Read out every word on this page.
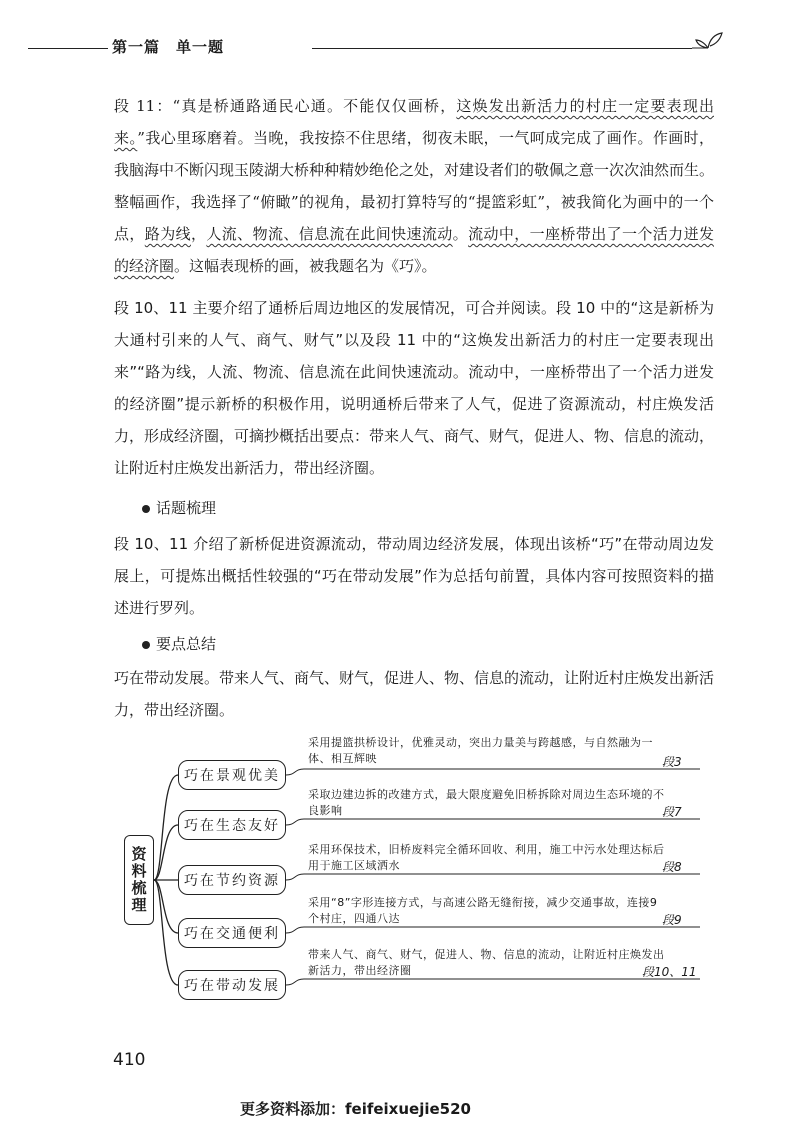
第一篇　单一题

段 11：“真是桥通路通民心通。不能仅仅画桥，这焕发出新活力的村庄一定要表现出来。”我心里琢磨着。当晚，我按捺不住思绪，彻夜未眠，一气呵成完成了画作。作画时，我脑海中不断闪现玉陵湖大桥种种精妙绝伦之处，对建设者们的敬佩之意一次次油然而生。整幅画作，我选择了“俯瞰”的视角，最初打算特写的“提篮彩虹”，被我简化为画中的一个点，路为线，人流、物流、信息流在此间快速流动。流动中，一座桥带出了一个活力迸发的经济圈。这幅表现桥的画，被我题名为《巧》。

段 10、11 主要介绍了通桥后周边地区的发展情况，可合并阅读。段 10 中的“这是新桥为大通村引来的人气、商气、财气”以及段 11 中的“这焕发出新活力的村庄一定要表现出来”“路为线，人流、物流、信息流在此间快速流动。流动中，一座桥带出了一个活力迸发的经济圈”提示新桥的积极作用，说明通桥后带来了人气，促进了资源流动，村庄焕发活力，形成经济圈，可摘抄概括出要点：带来人气、商气、财气，促进人、物、信息的流动，让附近村庄焕发出新活力，带出经济圈。

话题梳理

段 10、11 介绍了新桥促进资源流动，带动周边经济发展，体现出该桥“巧”在带动周边发展上，可提炼出概括性较强的“巧在带动发展”作为总括句前置，具体内容可按照资料的描述进行罗列。

要点总结

巧在带动发展。带来人气、商气、财气，促进人、物、信息的流动，让附近村庄焕发出新活力，带出经济圈。

资料梳理
巧在景观优美
采用提篮拱桥设计，优雅灵动，突出力量美与跨越感，与自然融为一体、相互辉映	段3
巧在生态友好
采取边建边拆的改建方式，最大限度避免旧桥拆除对周边生态环境的不良影响	段7
巧在节约资源
采用环保技术，旧桥废料完全循环回收、利用，施工中污水处理达标后用于施工区域洒水	段8
巧在交通便利
采用“8”字形连接方式，与高速公路无缝衔接，减少交通事故，连接9个村庄，四通八达	段9
巧在带动发展
带来人气、商气、财气，促进人、物、信息的流动，让附近村庄焕发出新活力，带出经济圈	段10、11
410
更多资料添加：feifeixuejie520
